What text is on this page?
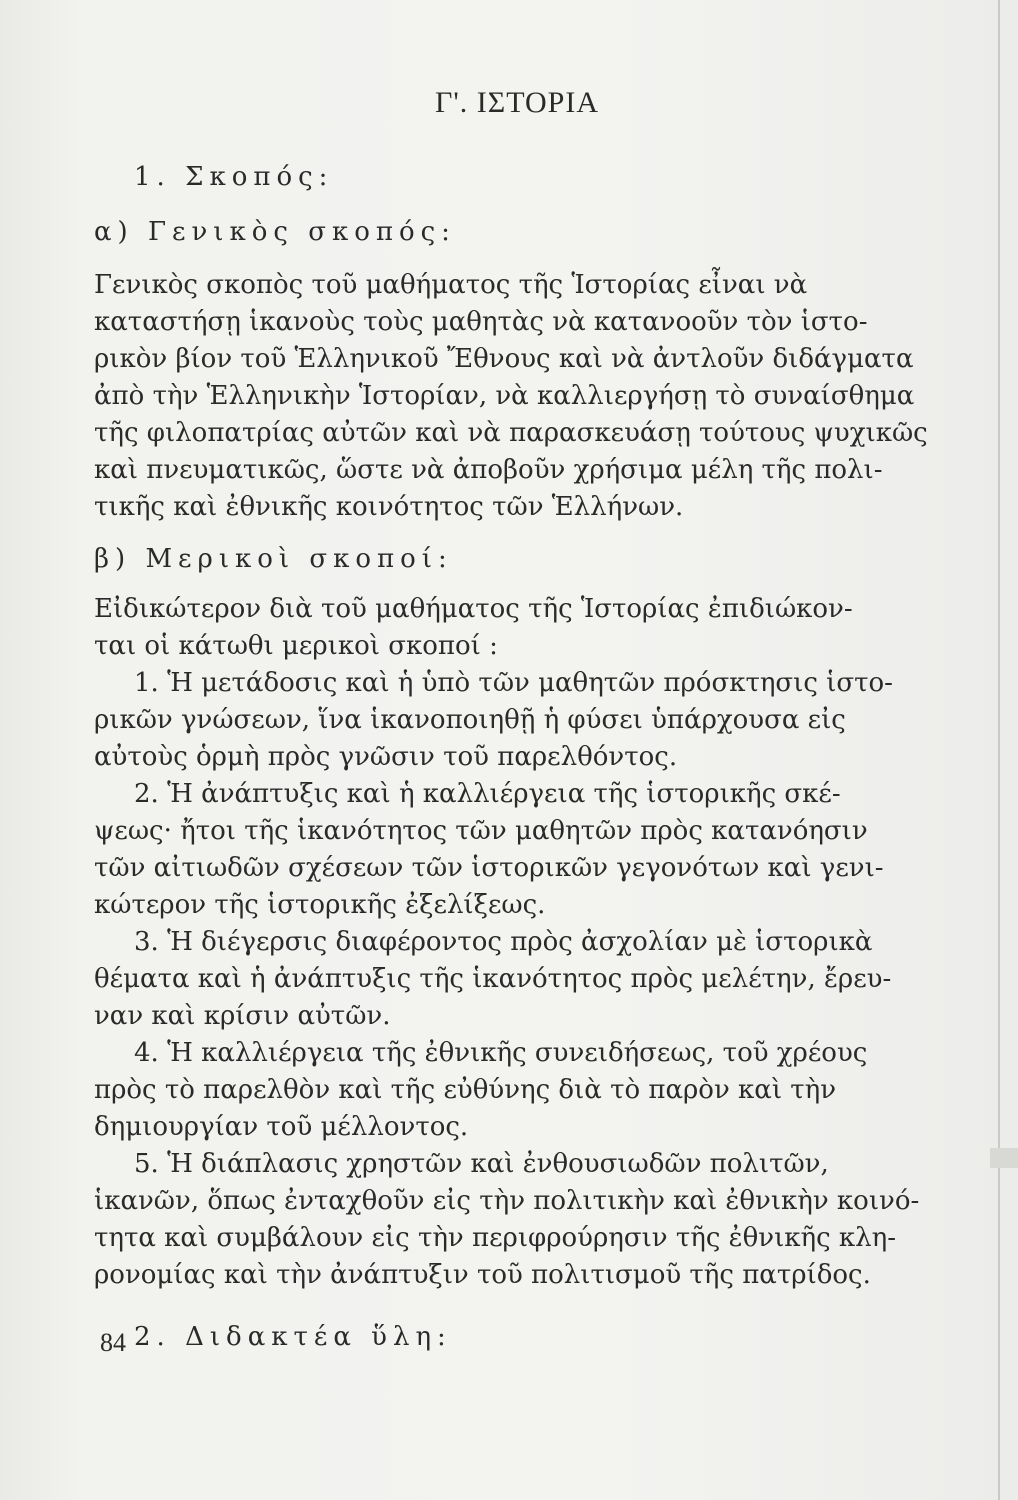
Γ'. ΙΣΤΟΡΙΑ
1. Σκοπός:
α) Γενικὸς σκοπός:
Γενικὸς σκοπὸς τοῦ μαθήματος τῆς Ἱστορίας εἶναι νὰ
καταστήσῃ ἱκανοὺς τοὺς μαθητὰς νὰ κατανοοῦν τὸν ἱστο-
ρικὸν βίον τοῦ Ἑλληνικοῦ Ἔθνους καὶ νὰ ἀντλοῦν διδάγματα
ἀπὸ τὴν Ἑλληνικὴν Ἱστορίαν, νὰ καλλιεργήσῃ τὸ συναίσθημα
τῆς φιλοπατρίας αὐτῶν καὶ νὰ παρασκευάσῃ τούτους ψυχικῶς
καὶ πνευματικῶς, ὥστε νὰ ἀποβοῦν χρήσιμα μέλη τῆς πολι-
τικῆς καὶ ἐθνικῆς κοινότητος τῶν Ἑλλήνων.
β) Μερικοὶ σκοποί:
Εἰδικώτερον διὰ τοῦ μαθήματος τῆς Ἱστορίας ἐπιδιώκον-
ται οἱ κάτωθι μερικοὶ σκοποί :
1. Ἡ μετάδοσις καὶ ἡ ὑπὸ τῶν μαθητῶν πρόσκτησις ἱστο-
ρικῶν γνώσεων, ἵνα ἱκανοποιηθῇ ἡ φύσει ὑπάρχουσα εἰς
αὐτοὺς ὁρμὴ πρὸς γνῶσιν τοῦ παρελθόντος.
2. Ἡ ἀνάπτυξις καὶ ἡ καλλιέργεια τῆς ἱστορικῆς σκέ-
ψεως· ἤτοι τῆς ἱκανότητος τῶν μαθητῶν πρὸς κατανόησιν
τῶν αἰτιωδῶν σχέσεων τῶν ἱστορικῶν γεγονότων καὶ γενι-
κώτερον τῆς ἱστορικῆς ἐξελίξεως.
3. Ἡ διέγερσις διαφέροντος πρὸς ἀσχολίαν μὲ ἱστορικὰ
θέματα καὶ ἡ ἀνάπτυξις τῆς ἱκανότητος πρὸς μελέτην, ἔρευ-
ναν καὶ κρίσιν αὐτῶν.
4. Ἡ καλλιέργεια τῆς ἐθνικῆς συνειδήσεως, τοῦ χρέους
πρὸς τὸ παρελθὸν καὶ τῆς εὐθύνης διὰ τὸ παρὸν καὶ τὴν
δημιουργίαν τοῦ μέλλοντος.
5. Ἡ διάπλασις χρηστῶν καὶ ἐνθουσιωδῶν πολιτῶν,
ἱκανῶν, ὅπως ἐνταχθοῦν εἰς τὴν πολιτικὴν καὶ ἐθνικὴν κοινό-
τητα καὶ συμβάλουν εἰς τὴν περιφρούρησιν τῆς ἐθνικῆς κλη-
ρονομίας καὶ τὴν ἀνάπτυξιν τοῦ πολιτισμοῦ τῆς πατρίδος.
2. Διδακτέα ὕλη:
84
